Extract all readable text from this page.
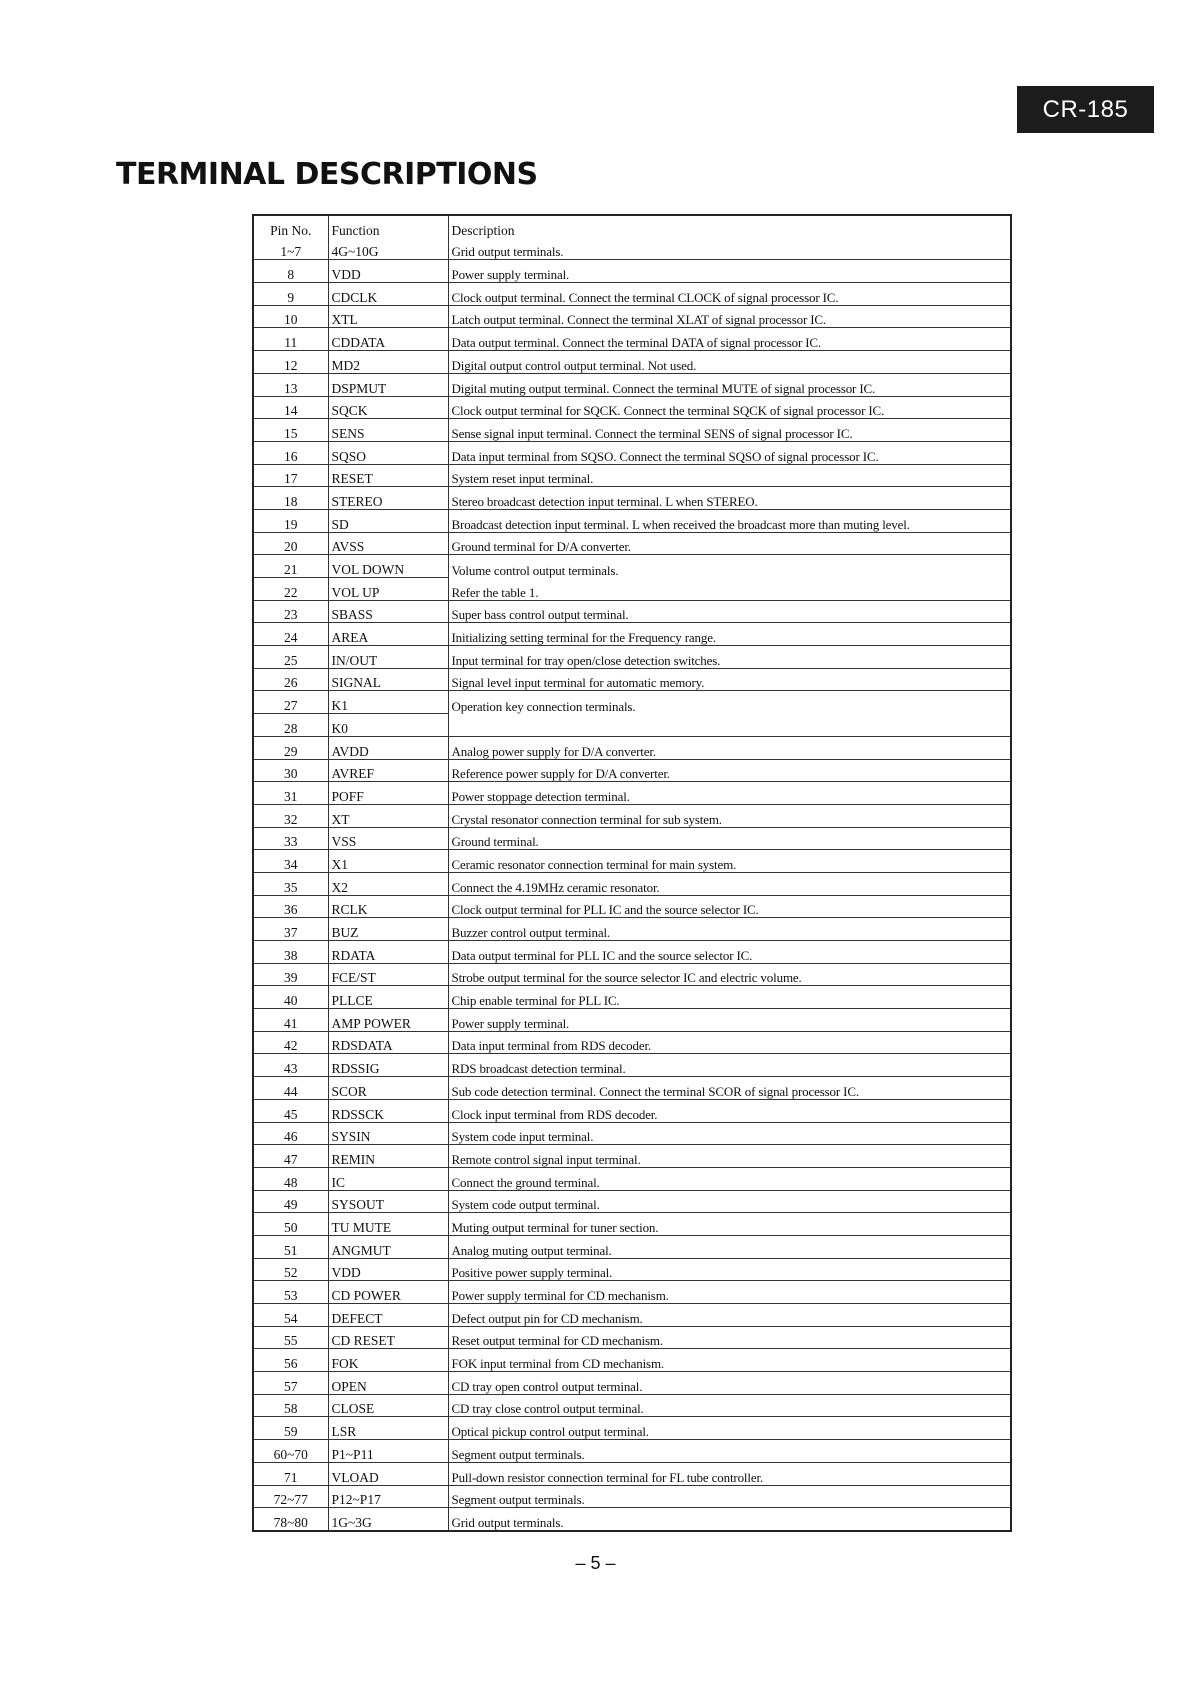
CR-185
TERMINAL DESCRIPTIONS
Pin No.	Function	Description
1~7	4G~10G	Grid output terminals.
8	VDD	Power supply terminal.
9	CDCLK	Clock output terminal. Connect the terminal CLOCK of signal processor IC.
10	XTL	Latch output terminal. Connect the terminal XLAT of signal processor IC.
11	CDDATA	Data output terminal. Connect the terminal DATA of signal processor IC.
12	MD2	Digital output control output terminal. Not used.
13	DSPMUT	Digital muting output terminal. Connect the terminal MUTE of signal processor IC.
14	SQCK	Clock output terminal for SQCK. Connect the terminal SQCK of signal processor IC.
15	SENS	Sense signal input terminal. Connect the terminal SENS of signal processor IC.
16	SQSO	Data input terminal from SQSO. Connect the terminal SQSO of signal processor IC.
17	RESET	System reset input terminal.
18	STEREO	Stereo broadcast detection input terminal. L when STEREO.
19	SD	Broadcast detection input terminal. L when received the broadcast more than muting level.
20	AVSS	Ground terminal for D/A converter.
21	VOL DOWN	Volume control output terminals.
22	VOL UP	Refer the table 1.
23	SBASS	Super bass control output terminal.
24	AREA	Initializing setting terminal for the Frequency range.
25	IN/OUT	Input terminal for tray open/close detection switches.
26	SIGNAL	Signal level input terminal for automatic memory.
27	K1	Operation key connection terminals.
28	K0	
29	AVDD	Analog power supply for D/A converter.
30	AVREF	Reference power supply for D/A converter.
31	POFF	Power stoppage detection terminal.
32	XT	Crystal resonator connection terminal for sub system.
33	VSS	Ground terminal.
34	X1	Ceramic resonator connection terminal for main system.
35	X2	Connect the 4.19MHz ceramic resonator.
36	RCLK	Clock output terminal for PLL IC and the source selector IC.
37	BUZ	Buzzer control output terminal.
38	RDATA	Data output terminal for PLL IC and the source selector IC.
39	FCE/ST	Strobe output terminal for the source selector IC and electric volume.
40	PLLCE	Chip enable terminal for PLL IC.
41	AMP POWER	Power supply terminal.
42	RDSDATA	Data input terminal from RDS decoder.
43	RDSSIG	RDS broadcast detection terminal.
44	SCOR	Sub code detection terminal. Connect the terminal SCOR of signal processor IC.
45	RDSSCK	Clock input terminal from RDS decoder.
46	SYSIN	System code input terminal.
47	REMIN	Remote control signal input terminal.
48	IC	Connect the ground terminal.
49	SYSOUT	System code output terminal.
50	TU MUTE	Muting output terminal for tuner section.
51	ANGMUT	Analog muting output terminal.
52	VDD	Positive power supply terminal.
53	CD POWER	Power supply terminal for CD mechanism.
54	DEFECT	Defect output pin for CD mechanism.
55	CD RESET	Reset output terminal for CD mechanism.
56	FOK	FOK input terminal from CD mechanism.
57	OPEN	CD tray open control output terminal.
58	CLOSE	CD tray close control output terminal.
59	LSR	Optical pickup control output terminal.
60~70	P1~P11	Segment output terminals.
71	VLOAD	Pull-down resistor connection terminal for FL tube controller.
72~77	P12~P17	Segment output terminals.
78~80	1G~3G	Grid output terminals.
– 5 –
